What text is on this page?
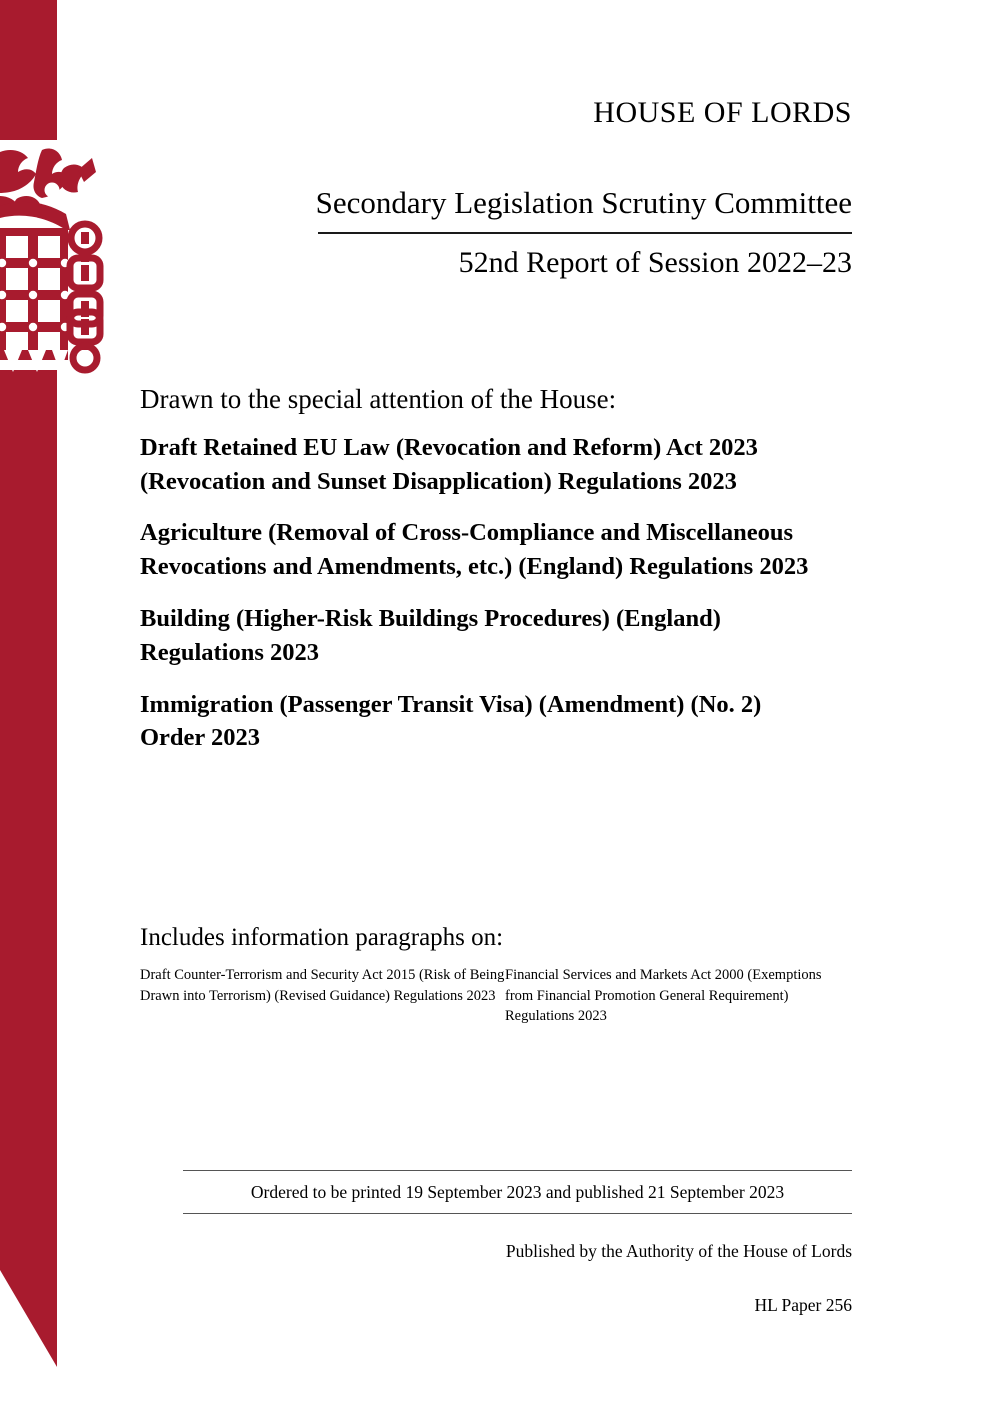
HOUSE OF LORDS
Secondary Legislation Scrutiny Committee
52nd Report of Session 2022–23
Drawn to the special attention of the House:
Draft Retained EU Law (Revocation and Reform) Act 2023 (Revocation and Sunset Disapplication) Regulations 2023
Agriculture (Removal of Cross-Compliance and Miscellaneous Revocations and Amendments, etc.) (England) Regulations 2023
Building (Higher-Risk Buildings Procedures) (England) Regulations 2023
Immigration (Passenger Transit Visa) (Amendment) (No. 2) Order 2023
Includes information paragraphs on:
Draft Counter-Terrorism and Security Act 2015 (Risk of Being Drawn into Terrorism) (Revised Guidance) Regulations 2023
Financial Services and Markets Act 2000 (Exemptions from Financial Promotion General Requirement) Regulations 2023
Ordered to be printed 19 September 2023 and published 21 September 2023
Published by the Authority of the House of Lords
HL Paper 256
